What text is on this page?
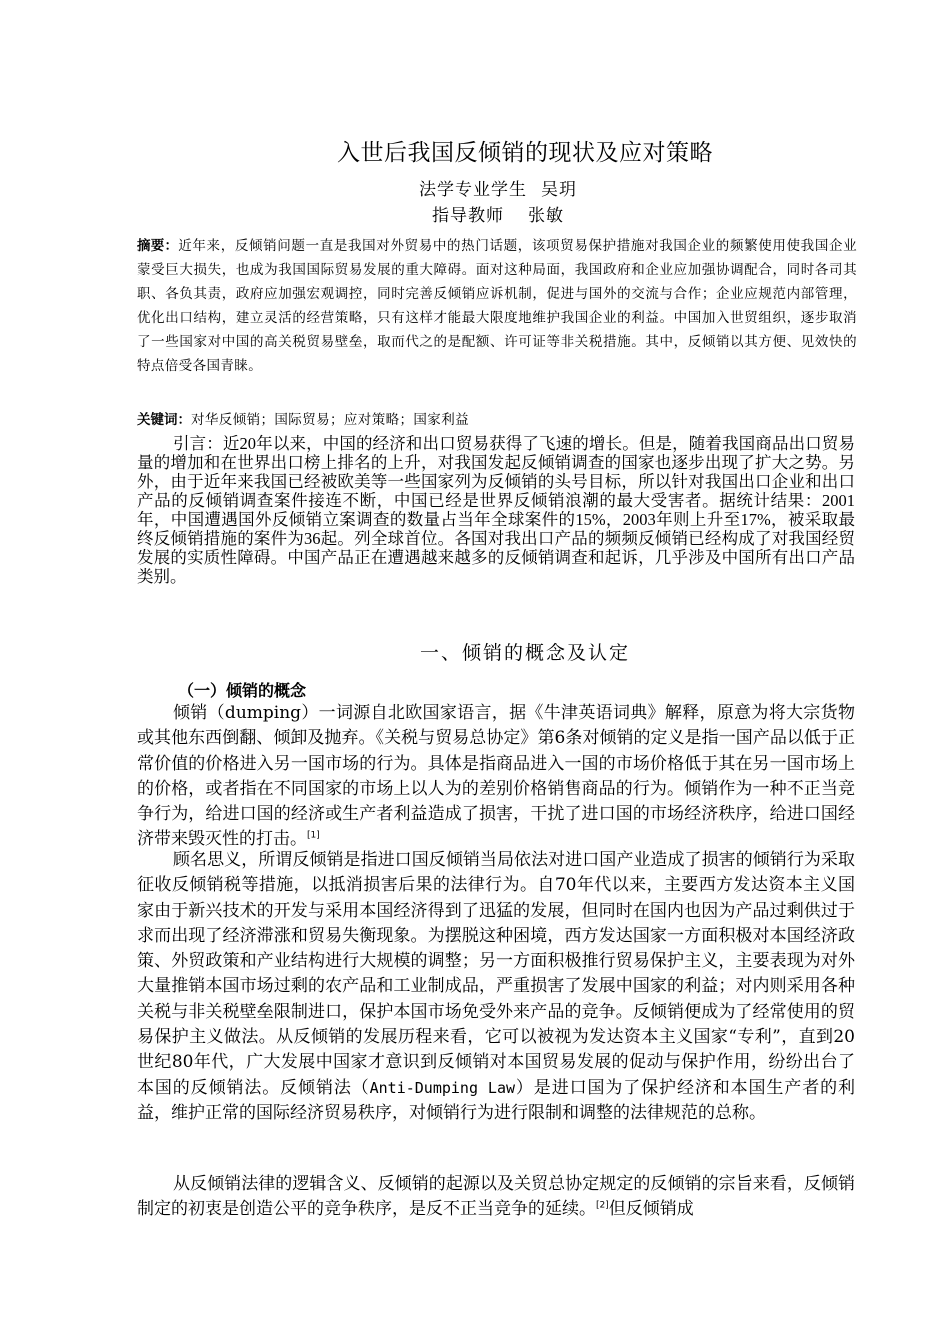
入世后我国反倾销的现状及应对策略
法学专业学生 吴玥
指导教师 张敏
摘要：近年来，反倾销问题一直是我国对外贸易中的热门话题，该项贸易保护措施对我国企业的频繁使用使我国企业蒙受巨大损失，也成为我国国际贸易发展的重大障碍。面对这种局面，我国政府和企业应加强协调配合，同时各司其职、各负其责，政府应加强宏观调控，同时完善反倾销应诉机制，促进与国外的交流与合作；企业应规范内部管理，优化出口结构，建立灵活的经营策略，只有这样才能最大限度地维护我国企业的利益。中国加入世贸组织，逐步取消了一些国家对中国的高关税贸易壁垒，取而代之的是配额、许可证等非关税措施。其中，反倾销以其方便、见效快的特点倍受各国青睐。
关键词：对华反倾销；国际贸易；应对策略；国家利益

引言：近20年以来，中国的经济和出口贸易获得了飞速的增长。但是，随着我国商品出口贸易量的增加和在世界出口榜上排名的上升，对我国发起反倾销调查的国家也逐步出现了扩大之势。另外，由于近年来我国已经被欧美等一些国家列为反倾销的头号目标，所以针对我国出口企业和出口产品的反倾销调查案件接连不断，中国已经是世界反倾销浪潮的最大受害者。据统计结果：2001年，中国遭遇国外反倾销立案调查的数量占当年全球案件的15%，2003年则上升至17%，被采取最终反倾销措施的案件为36起。列全球首位。各国对我出口产品的频频反倾销已经构成了对我国经贸发展的实质性障碍。中国产品正在遭遇越来越多的反倾销调查和起诉，几乎涉及中国所有出口产品类别。

一、倾销的概念及认定
（一）倾销的概念

倾销（dumping）一词源自北欧国家语言，据《牛津英语词典》解释，原意为将大宗货物或其他东西倒翻、倾卸及抛弃。《关税与贸易总协定》第6条对倾销的定义是指一国产品以低于正常价值的价格进入另一国市场的行为。具体是指商品进入一国的市场价格低于其在另一国市场上的价格，或者指在不同国家的市场上以人为的差别价格销售商品的行为。倾销作为一种不正当竞争行为，给进口国的经济或生产者利益造成了损害，干扰了进口国的市场经济秩序，给进口国经济带来毁灭性的打击。[1]

顾名思义，所谓反倾销是指进口国反倾销当局依法对进口国产业造成了损害的倾销行为采取征收反倾销税等措施，以抵消损害后果的法律行为。自70年代以来，主要西方发达资本主义国家由于新兴技术的开发与采用本国经济得到了迅猛的发展，但同时在国内也因为产品过剩供过于求而出现了经济滞涨和贸易失衡现象。为摆脱这种困境，西方发达国家一方面积极对本国经济政策、外贸政策和产业结构进行大规模的调整；另一方面积极推行贸易保护主义，主要表现为对外大量推销本国市场过剩的农产品和工业制成品，严重损害了发展中国家的利益；对内则采用各种关税与非关税壁垒限制进口，保护本国市场免受外来产品的竞争。反倾销便成为了经常使用的贸易保护主义做法。从反倾销的发展历程来看，它可以被视为发达资本主义国家“专利”，直到20世纪80年代，广大发展中国家才意识到反倾销对本国贸易发展的促动与保护作用，纷纷出台了本国的反倾销法。反倾销法（Anti-Dumping Law）是进口国为了保护经济和本国生产者的利益，维护正常的国际经济贸易秩序，对倾销行为进行限制和调整的法律规范的总称。

从反倾销法律的逻辑含义、反倾销的起源以及关贸总协定规定的反倾销的宗旨来看，反倾销制定的初衷是创造公平的竞争秩序，是反不正当竞争的延续。[2]但反倾销成
